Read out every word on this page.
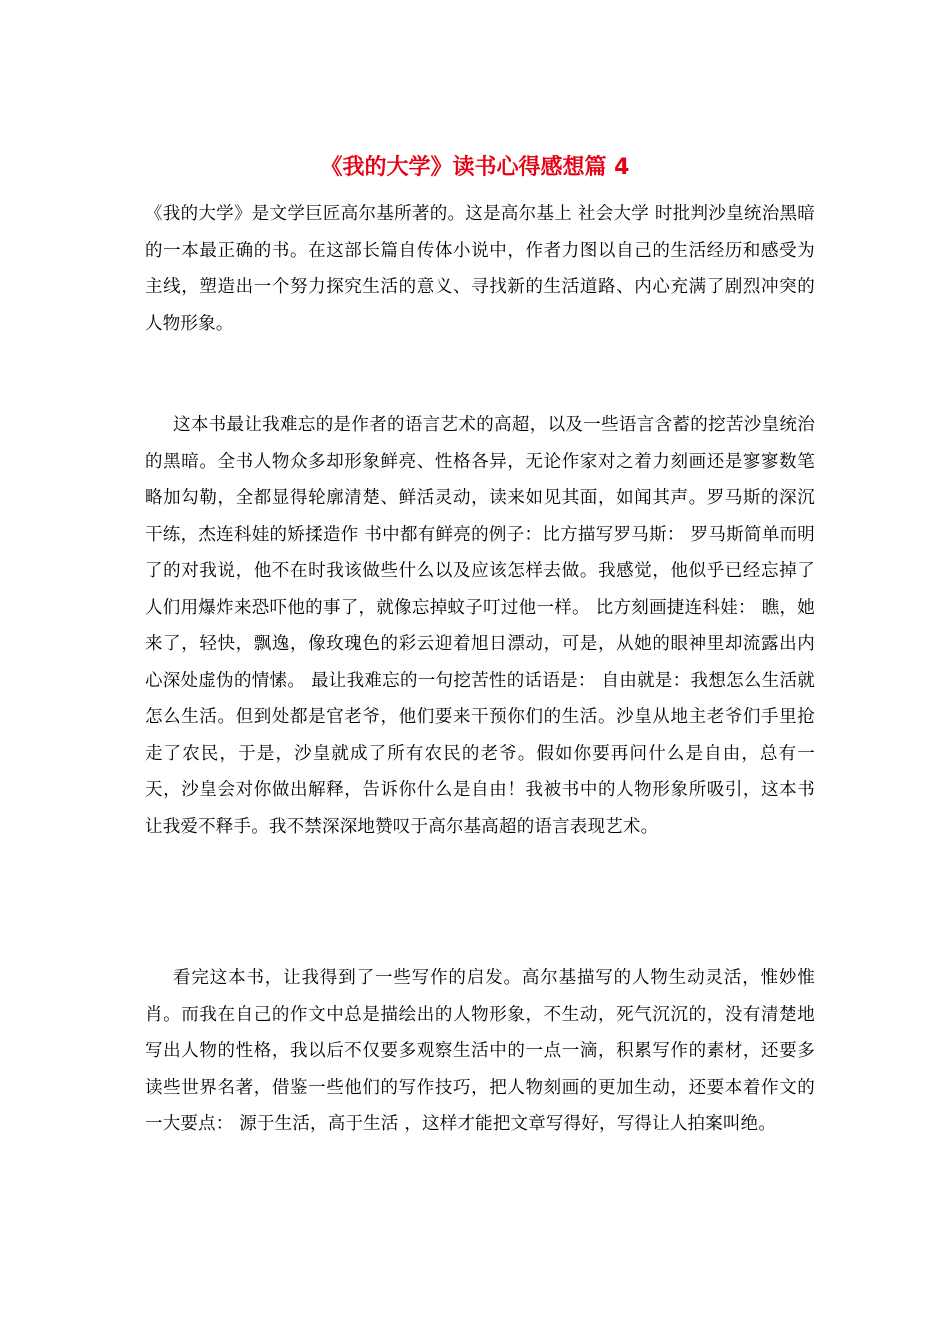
《我的大学》读书心得感想篇 4

《我的大学》是文学巨匠高尔基所著的。这是高尔基上 社会大学 时批判沙皇统治黑暗的一本最正确的书。在这部长篇自传体小说中，作者力图以自己的生活经历和感受为主线，塑造出一个努力探究生活的意义、寻找新的生活道路、内心充满了剧烈冲突的人物形象。

这本书最让我难忘的是作者的语言艺术的高超，以及一些语言含蓄的挖苦沙皇统治的黑暗。全书人物众多却形象鲜亮、性格各异，无论作家对之着力刻画还是寥寥数笔略加勾勒，全都显得轮廓清楚、鲜活灵动，读来如见其面，如闻其声。罗马斯的深沉干练，杰连科娃的矫揉造作 书中都有鲜亮的例子：比方描写罗马斯： 罗马斯简单而明了的对我说，他不在时我该做些什么以及应该怎样去做。我感觉，他似乎已经忘掉了人们用爆炸来恐吓他的事了，就像忘掉蚊子叮过他一样。 比方刻画捷连科娃： 瞧，她来了，轻快，飘逸，像玫瑰色的彩云迎着旭日漂动，可是，从她的眼神里却流露出内心深处虚伪的情愫。 最让我难忘的一句挖苦性的话语是： 自由就是：我想怎么生活就怎么生活。但到处都是官老爷，他们要来干预你们的生活。沙皇从地主老爷们手里抢走了农民，于是，沙皇就成了所有农民的老爷。假如你要再问什么是自由，总有一天，沙皇会对你做出解释，告诉你什么是自由！我被书中的人物形象所吸引，这本书让我爱不释手。我不禁深深地赞叹于高尔基高超的语言表现艺术。

看完这本书，让我得到了一些写作的启发。高尔基描写的人物生动灵活，惟妙惟肖。而我在自己的作文中总是描绘出的人物形象，不生动，死气沉沉的，没有清楚地写出人物的性格，我以后不仅要多观察生活中的一点一滴，积累写作的素材，还要多读些世界名著，借鉴一些他们的写作技巧，把人物刻画的更加生动，还要本着作文的一大要点： 源于生活，高于生活 ，这样才能把文章写得好，写得让人拍案叫绝。
